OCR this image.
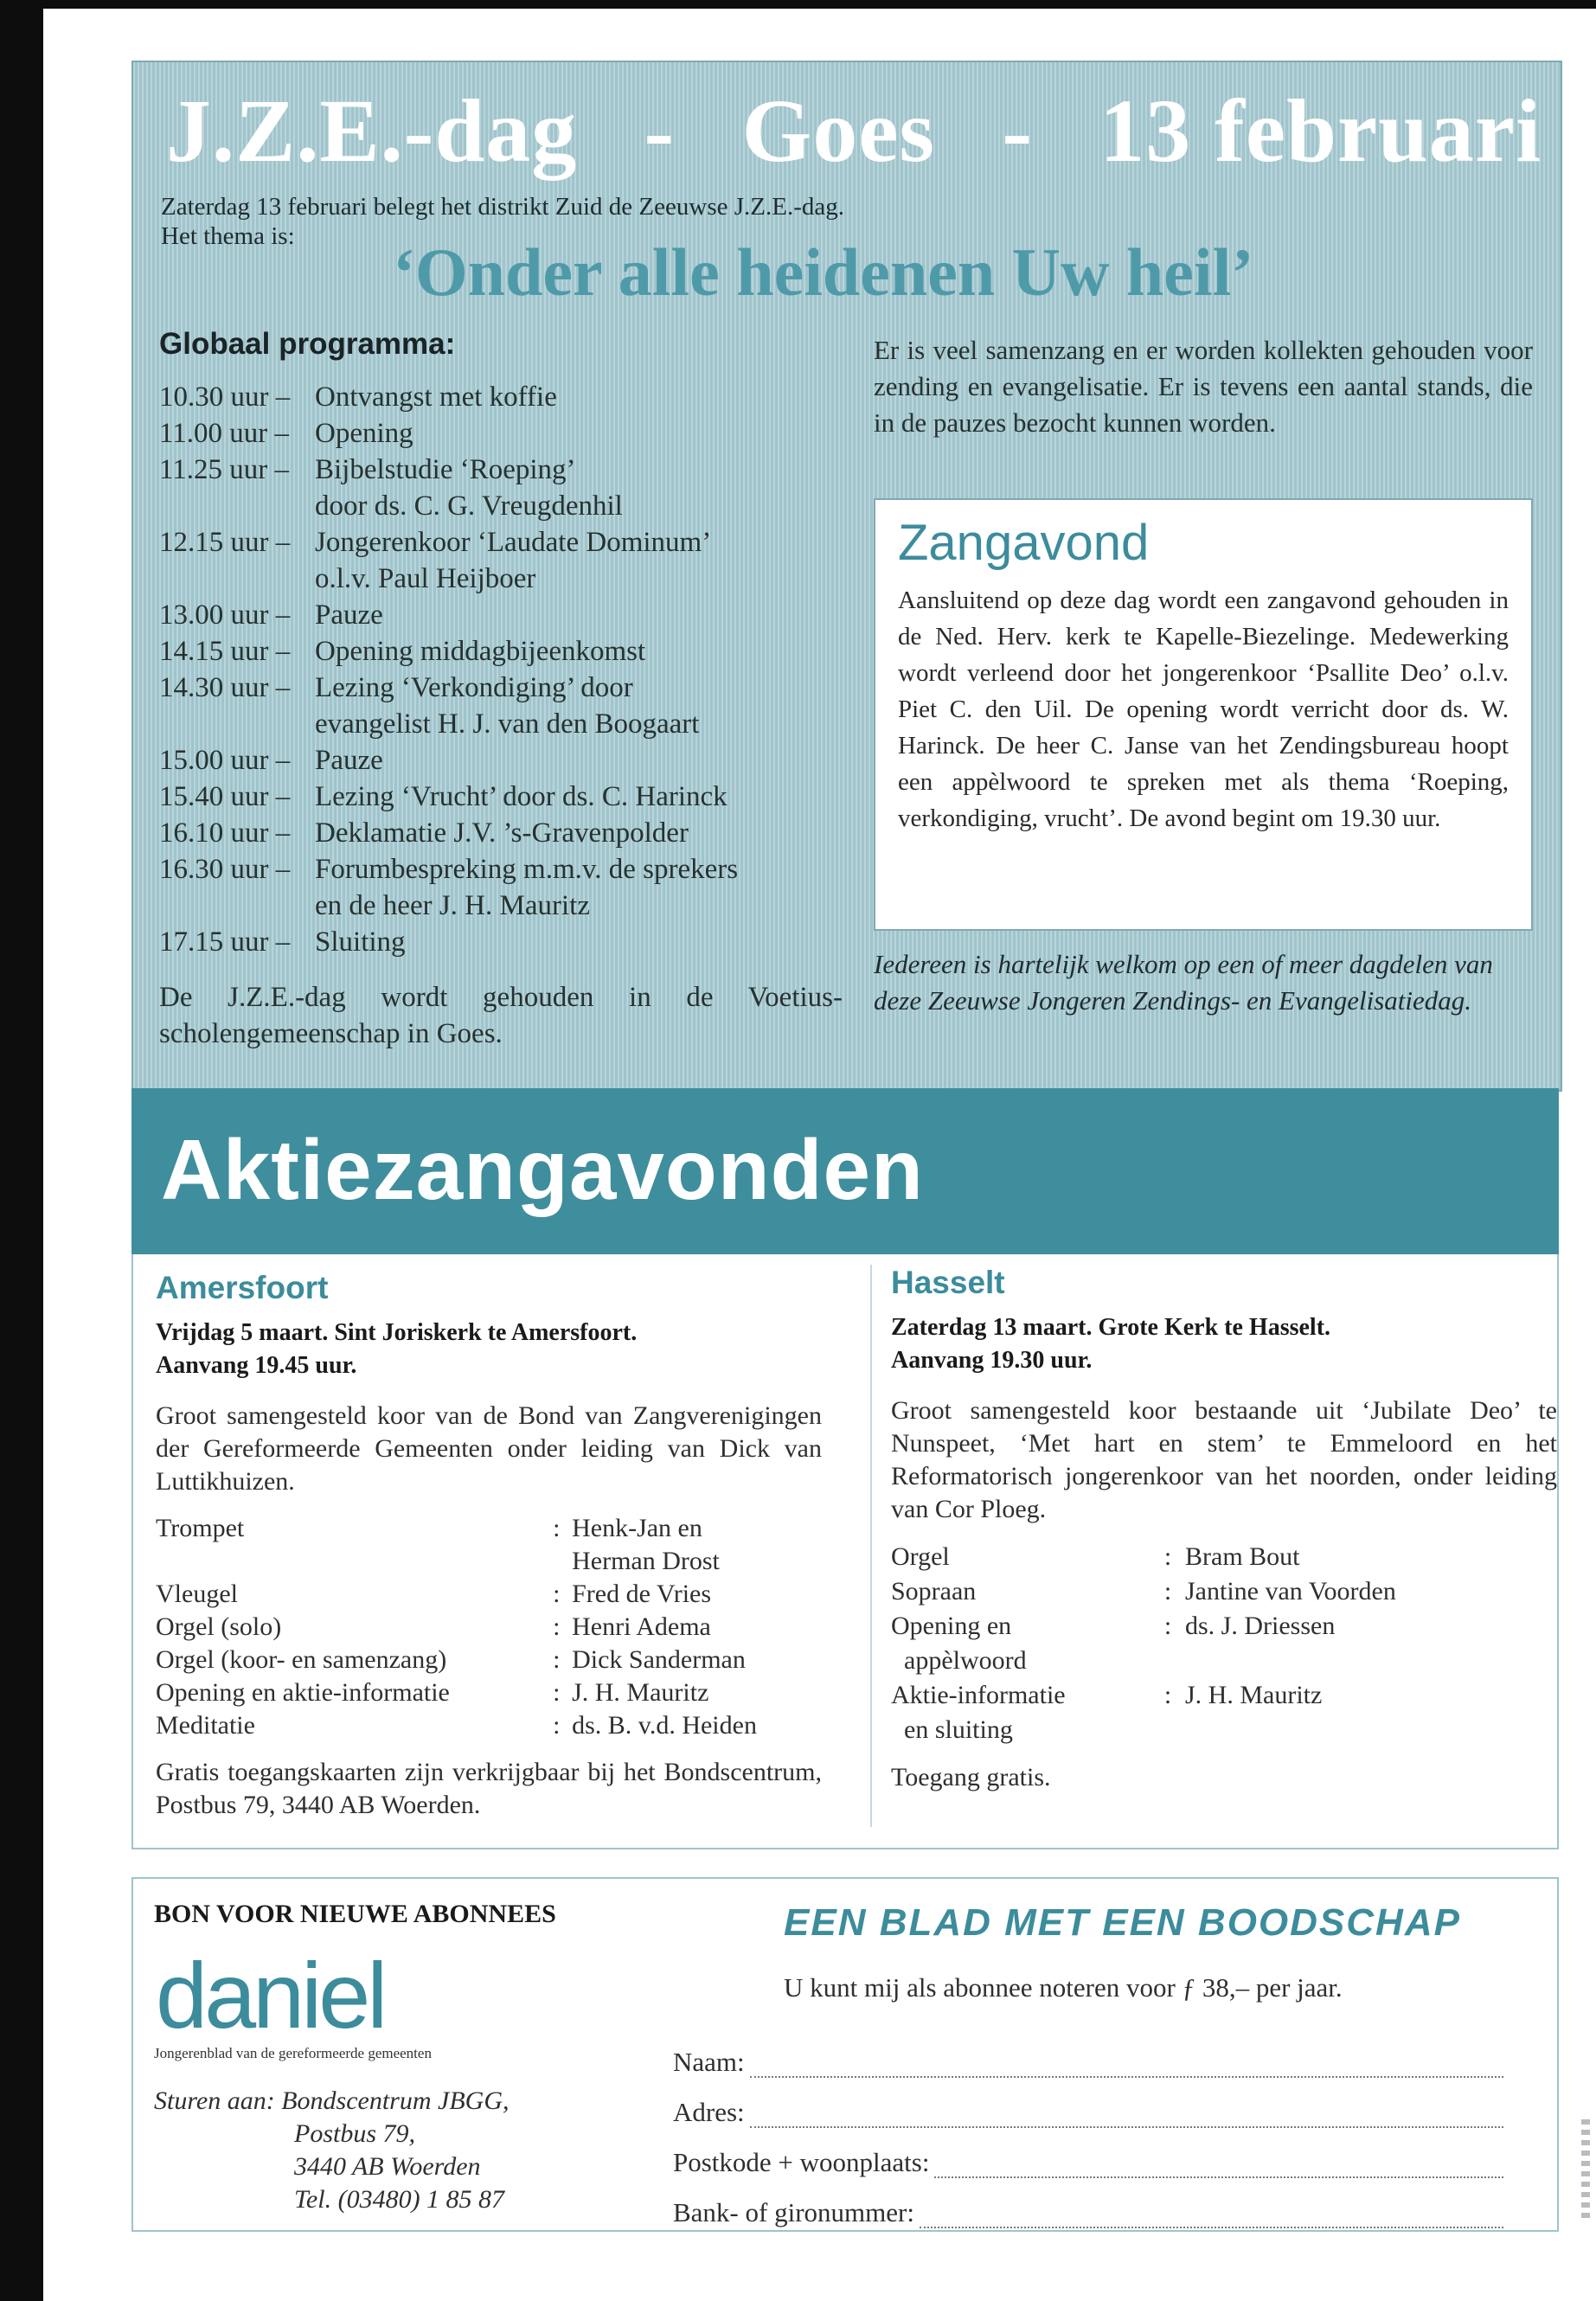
J.Z.E.-dag - Goes - 13 februari
Zaterdag 13 februari belegt het distrikt Zuid de Zeeuwse J.Z.E.-dag.
Het thema is:	‘Onder alle heidenen Uw heil’
Globaal programma:
10.30 uur – Ontvangst met koffie
11.00 uur – Opening
11.25 uur – Bijbelstudie ‘Roeping’
door ds. C. G. Vreugdenhil
12.15 uur – Jongerenkoor ‘Laudate Dominum’
o.l.v. Paul Heijboer
13.00 uur – Pauze
14.15 uur – Opening middagbijeenkomst
14.30 uur – Lezing ‘Verkondiging’ door
evangelist H. J. van den Boogaart
15.00 uur – Pauze
15.40 uur – Lezing ‘Vrucht’ door ds. C. Harinck
16.10 uur – Deklamatie J.V. ’s-Gravenpolder
16.30 uur – Forumbespreking m.m.v. de sprekers
en de heer J. H. Mauritz
17.15 uur – Sluiting
De J.Z.E.-dag wordt gehouden in de Voetius-scholengemeenschap in Goes.
Er is veel samenzang en er worden kollekten gehouden voor zending en evangelisatie. Er is tevens een aantal stands, die in de pauzes bezocht kunnen worden.
Zangavond
Aansluitend op deze dag wordt een zangavond gehouden in de Ned. Herv. kerk te Kapelle-Biezelinge. Medewerking wordt verleend door het jongerenkoor ‘Psallite Deo’ o.l.v. Piet C. den Uil. De opening wordt verricht door ds. W. Harinck. De heer C. Janse van het Zendingsbureau hoopt een appèlwoord te spreken met als thema ‘Roeping, verkondiging, vrucht’. De avond begint om 19.30 uur.
Iedereen is hartelijk welkom op een of meer dagdelen van deze Zeeuwse Jongeren Zendings- en Evangelisatiedag.
Aktiezangavonden
Amersfoort
Vrijdag 5 maart. Sint Joriskerk te Amersfoort.
Aanvang 19.45 uur.
Groot samengesteld koor van de Bond van Zangverenigingen der Gereformeerde Gemeenten onder leiding van Dick van Luttikhuizen.
Trompet	:	Henk-Jan en
Herman Drost
Vleugel	:	Fred de Vries
Orgel (solo)	:	Henri Adema
Orgel (koor- en samenzang)	:	Dick Sanderman
Opening en aktie-informatie	:	J. H. Mauritz
Meditatie	:	ds. B. v.d. Heiden
Gratis toegangskaarten zijn verkrijgbaar bij het Bondscentrum, Postbus 79, 3440 AB Woerden.
Hasselt
Zaterdag 13 maart. Grote Kerk te Hasselt.
Aanvang 19.30 uur.
Groot samengesteld koor bestaande uit ‘Jubilate Deo’ te Nunspeet, ‘Met hart en stem’ te Emmeloord en het Reformatorisch jongerenkoor van het noorden, onder leiding van Cor Ploeg.
Orgel	:	Bram Bout
Sopraan	:	Jantine van Voorden
Opening en
appèlwoord	:	ds. J. Driessen
Aktie-informatie
en sluiting	:	J. H. Mauritz
Toegang gratis.
BON VOOR NIEUWE ABONNEES
daniel
Jongerenblad van de gereformeerde gemeenten
Sturen aan: Bondscentrum JBGG,
Postbus 79,
3440 AB Woerden
Tel. (03480) 1 85 87
EEN BLAD MET EEN BOODSCHAP
U kunt mij als abonnee noteren voor ƒ 38,– per jaar.
Naam:
Adres:
Postkode + woonplaats:
Bank- of gironummer:
